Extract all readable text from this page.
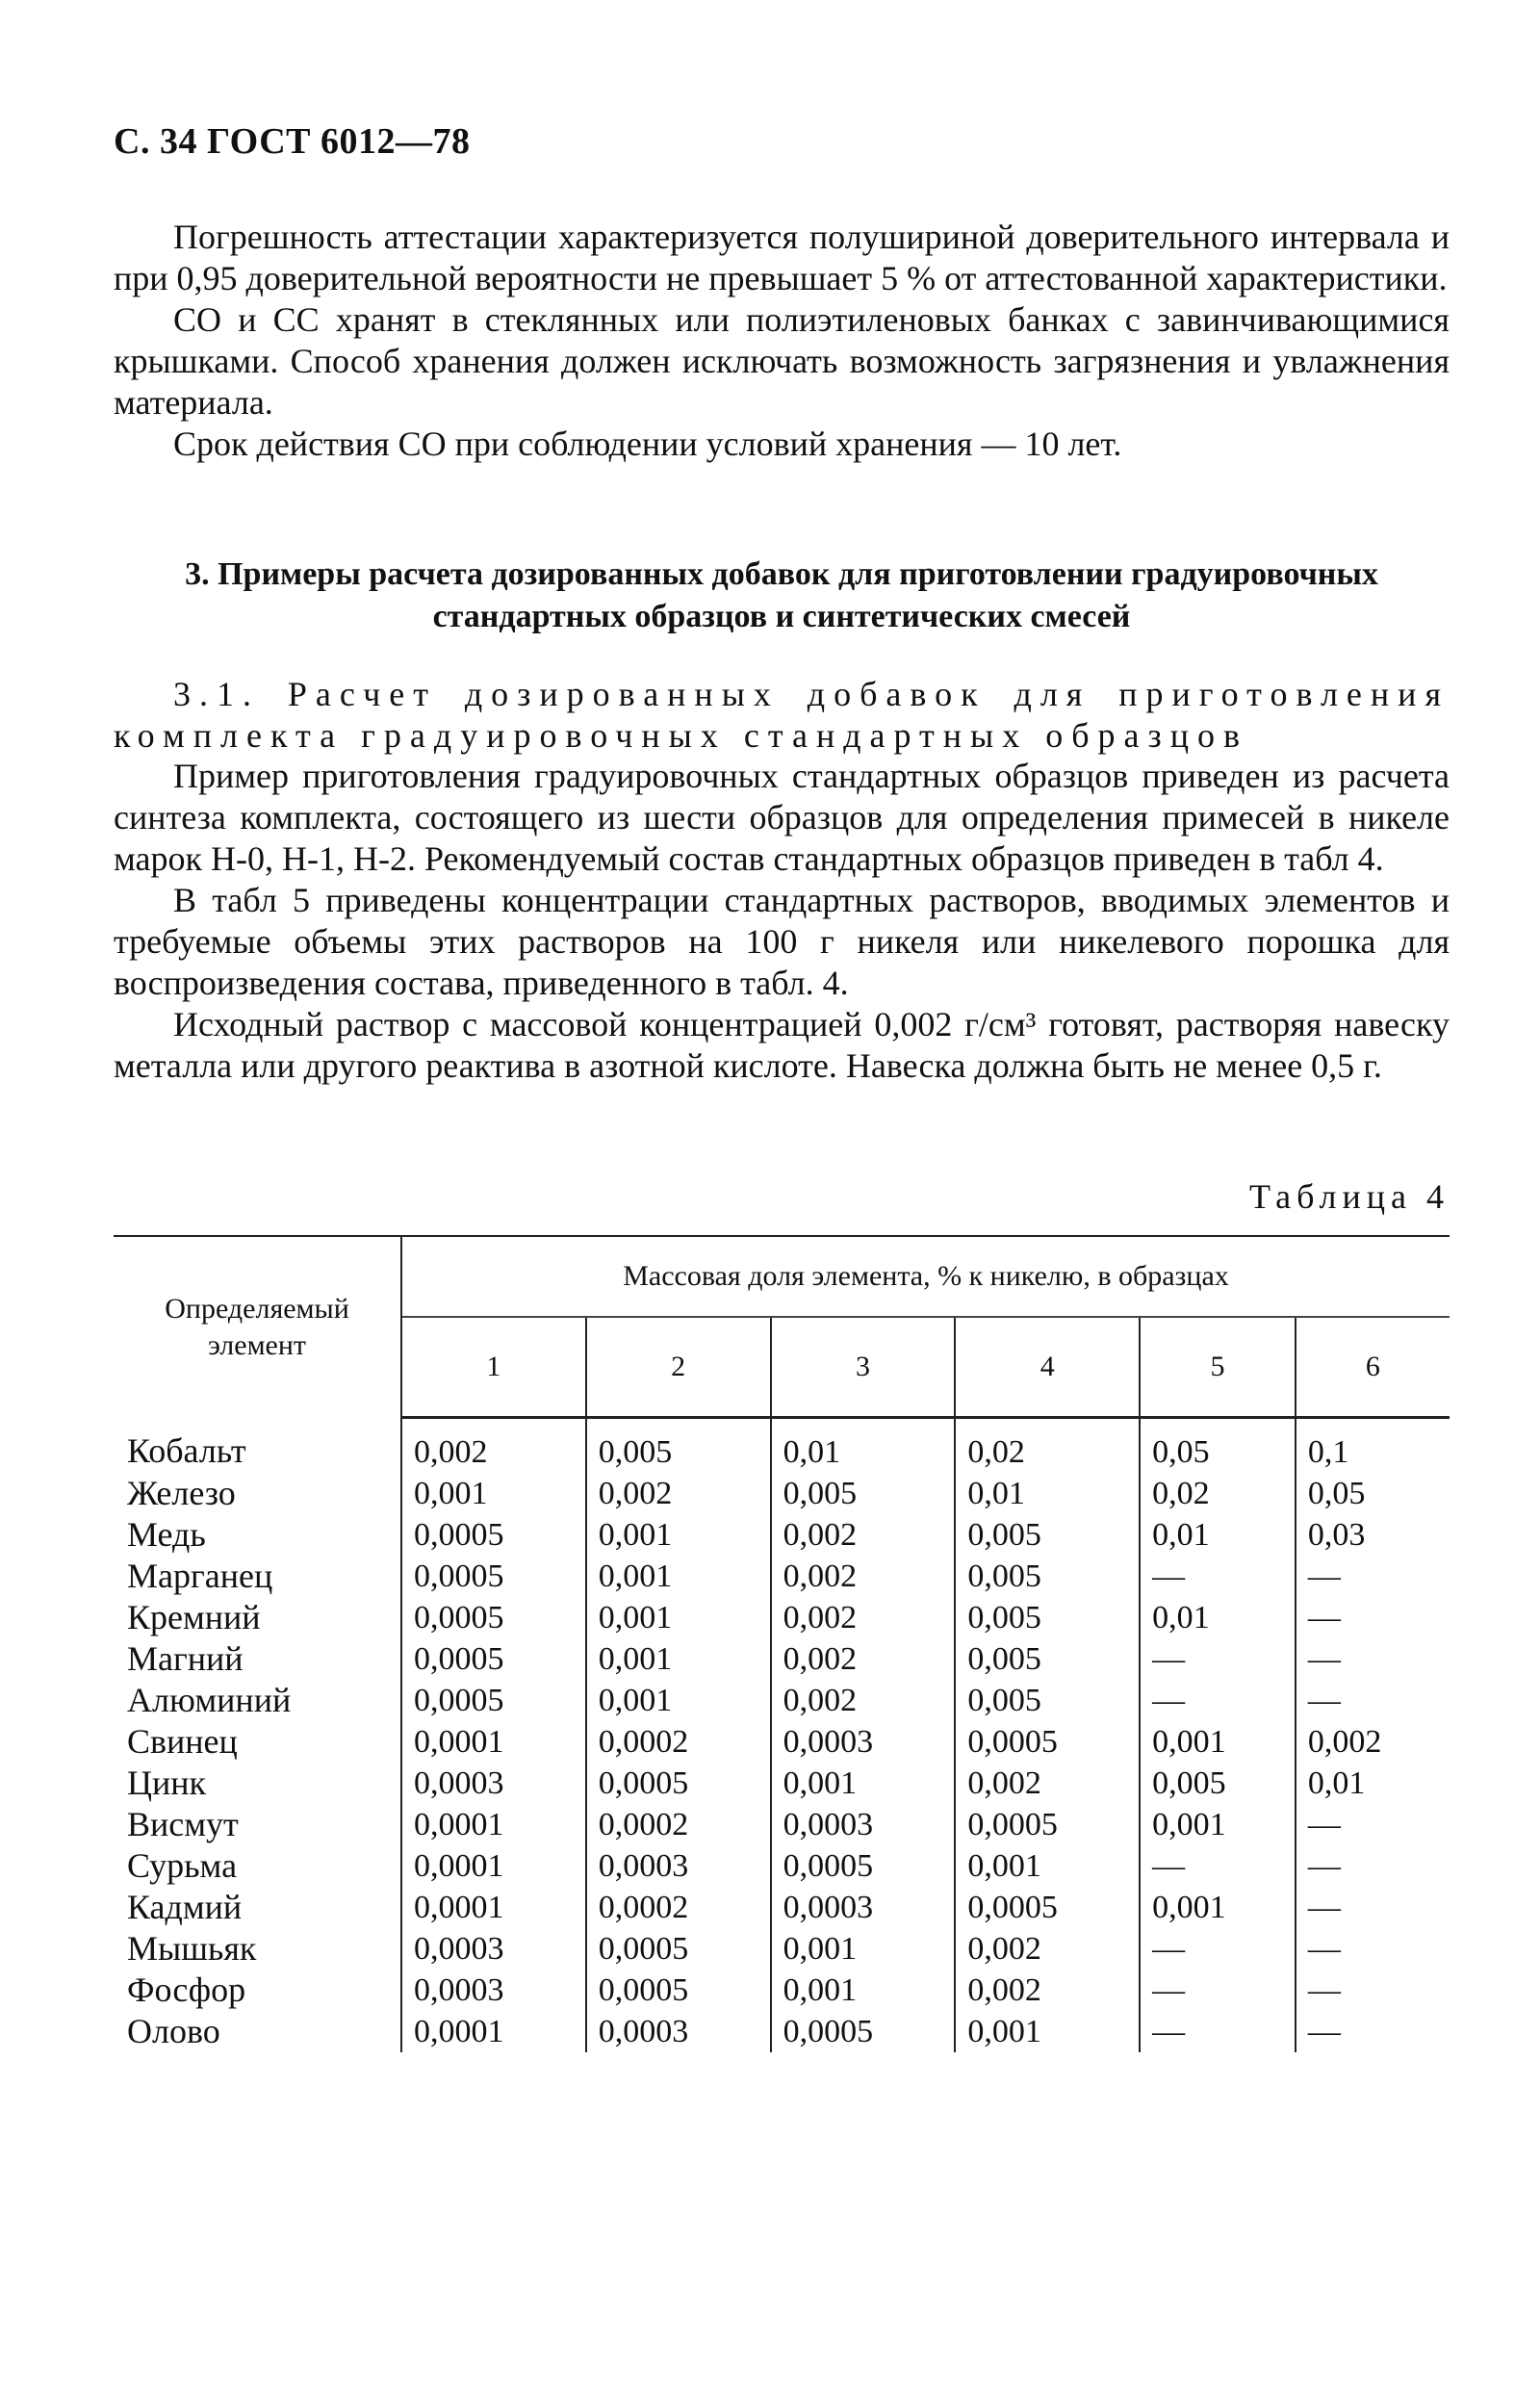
С. 34 ГОСТ 6012—78

Погрешность аттестации характеризуется полушириной доверительного интервала и при 0,95 доверительной вероятности не превышает 5 % от аттестованной характеристики.

СО и СС хранят в стеклянных или полиэтиленовых банках с завинчивающимися крышками. Способ хранения должен исключать возможность загрязнения и увлажнения материала.

Срок действия СО при соблюдении условий хранения — 10 лет.

3. Примеры расчета дозированных добавок для приготовлении градуировочных стандартных образцов и синтетических смесей
3.1. Расчет дозированных добавок для приготовления комплекта градуировочных стандартных образцов

Пример приготовления градуировочных стандартных образцов приведен из расчета синтеза комплекта, состоящего из шести образцов для определения примесей в никеле марок Н-0, Н-1, Н-2. Рекомендуемый состав стандартных образцов приведен в табл 4.

В табл 5 приведены концентрации стандартных растворов, вводимых элементов и требуемые объемы этих растворов на 100 г никеля или никелевого порошка для воспроизведения состава, приведенного в табл. 4.

Исходный раствор с массовой концентрацией 0,002 г/см³ готовят, растворяя навеску металла или другого реактива в азотной кислоте. Навеска должна быть не менее 0,5 г.

Таблица 4
Определяемый элемент	Массовая доля элемента, % к никелю, в образцах					
	1	2	3	4	5	6
Кобальт	0,002	0,005	0,01	0,02	0,05	0,1
Железо	0,001	0,002	0,005	0,01	0,02	0,05
Медь	0,0005	0,001	0,002	0,005	0,01	0,03
Марганец	0,0005	0,001	0,002	0,005	—	—
Кремний	0,0005	0,001	0,002	0,005	0,01	—
Магний	0,0005	0,001	0,002	0,005	—	—
Алюминий	0,0005	0,001	0,002	0,005	—	—
Свинец	0,0001	0,0002	0,0003	0,0005	0,001	0,002
Цинк	0,0003	0,0005	0,001	0,002	0,005	0,01
Висмут	0,0001	0,0002	0,0003	0,0005	0,001	—
Сурьма	0,0001	0,0003	0,0005	0,001	—	—
Кадмий	0,0001	0,0002	0,0003	0,0005	0,001	—
Мышьяк	0,0003	0,0005	0,001	0,002	—	—
Фосфор	0,0003	0,0005	0,001	0,002	—	—
Олово	0,0001	0,0003	0,0005	0,001	—	—
